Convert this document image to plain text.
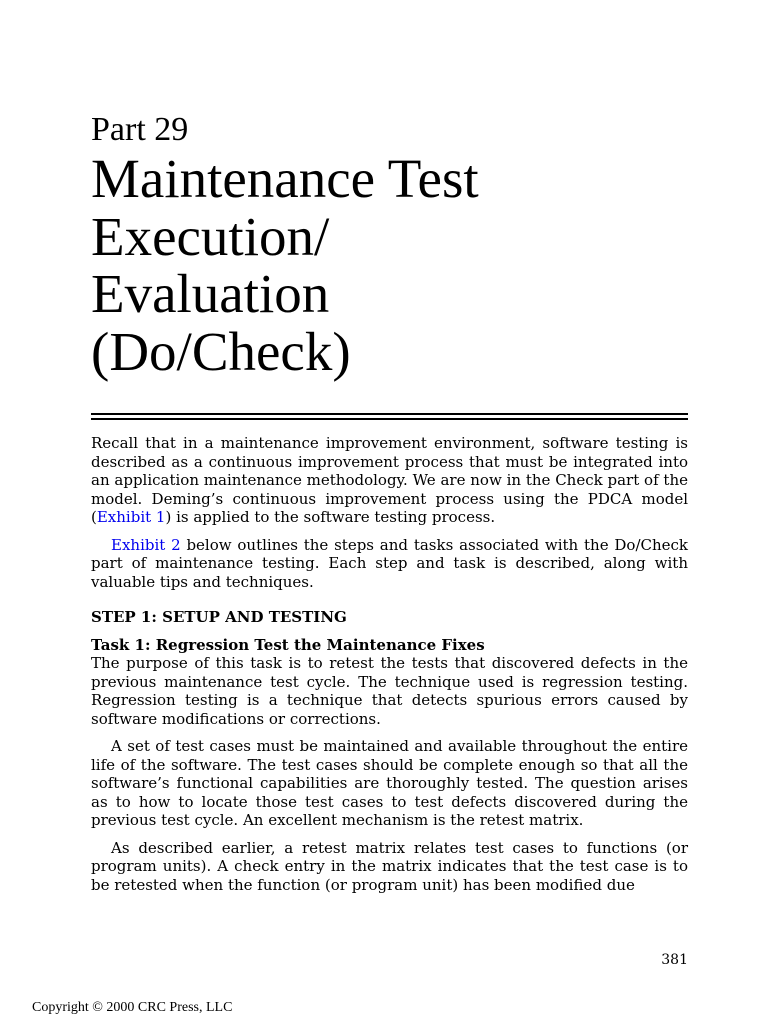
Part 29
Maintenance Test
Execution/
Evaluation
(Do/Check)

Recall that in a maintenance improvement environment, software testing is described as a continuous improvement process that must be integrated into an application maintenance methodology. We are now in the Check part of the model. Deming’s continuous improvement process using the PDCA model (Exhibit 1) is applied to the software testing process.

Exhibit 2 below outlines the steps and tasks associated with the Do/Check part of maintenance testing. Each step and task is described, along with valuable tips and techniques.

STEP 1: SETUP AND TESTING
Task 1: Regression Test the Maintenance Fixes

The purpose of this task is to retest the tests that discovered defects in the previous maintenance test cycle. The technique used is regression testing. Regression testing is a technique that detects spurious errors caused by software modifications or corrections.

A set of test cases must be maintained and available throughout the entire life of the software. The test cases should be complete enough so that all the software’s functional capabilities are thoroughly tested. The question arises as to how to locate those test cases to test defects discovered during the previous test cycle. An excellent mechanism is the retest matrix.

As described earlier, a retest matrix relates test cases to functions (or program units). A check entry in the matrix indicates that the test case is to be retested when the function (or program unit) has been modified due

381
Copyright © 2000 CRC Press, LLC
